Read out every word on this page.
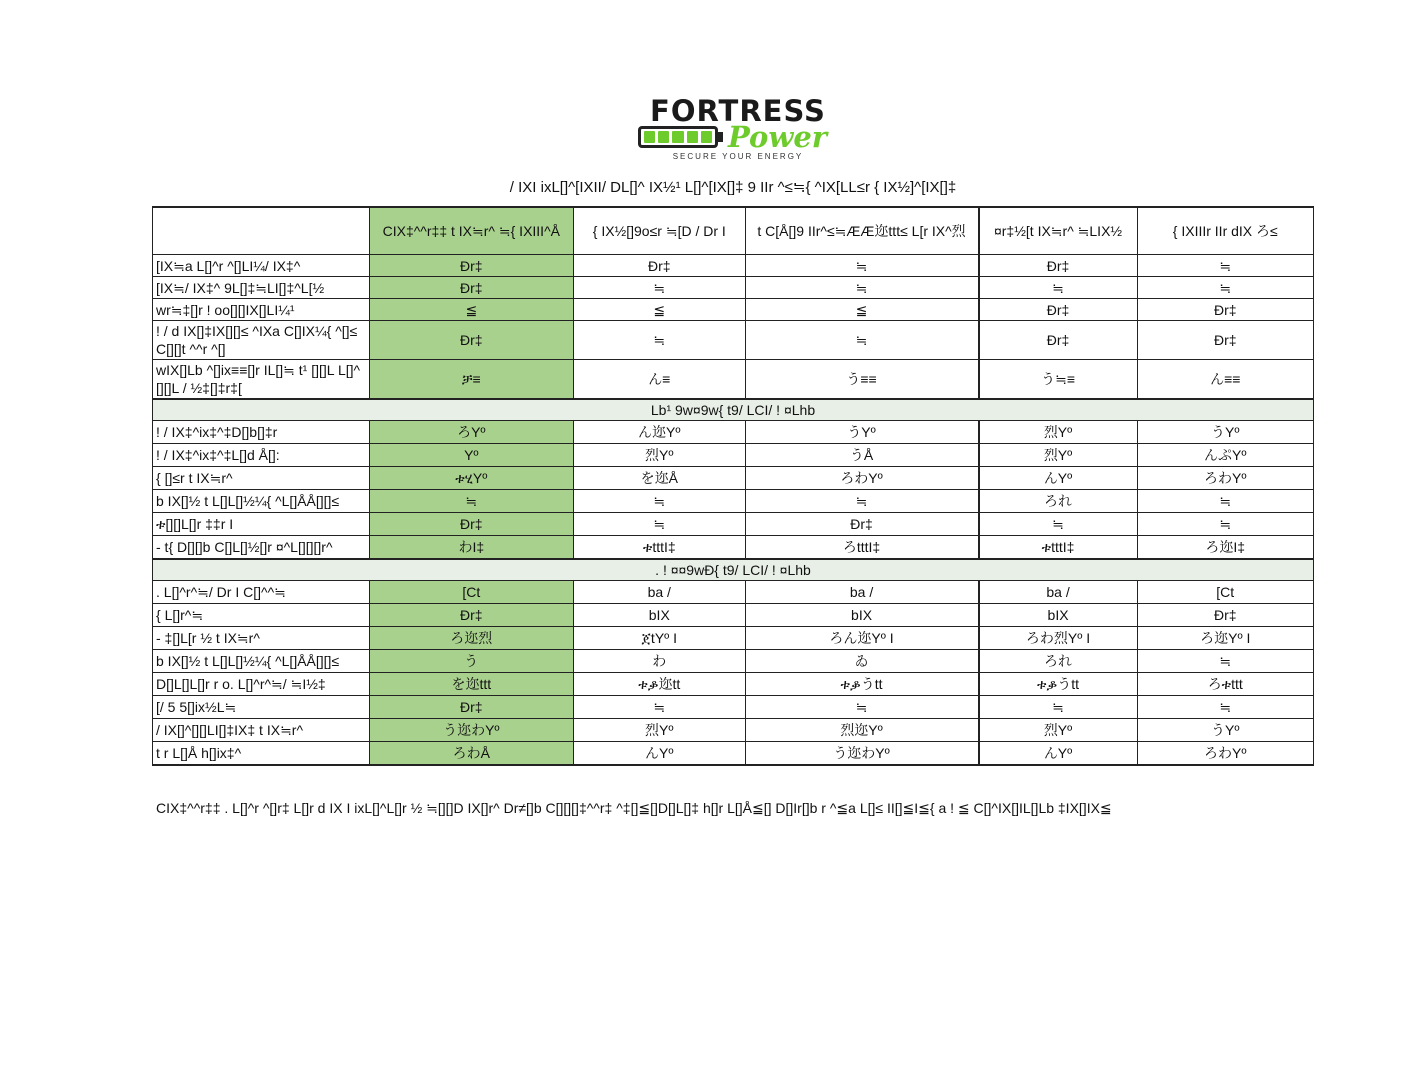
FORTRESS
Power
SECURE YOUR ENERGY
/ IXI ixL[]^[IXII/ DL[]^ IX½¹ L[]^[IX[]‡ 9 IIr ^≤≒{ ^IX[LL≤r { IX½]^[IX[]‡
	CIX‡^^r‡‡ t IX≒r^ ≒{ IXIII^Å	{ IX½[]9o≤r ≒[D / Dr I	t C[Å[]9 IIr^≤≒ÆÆ迩ttt≤ L[r IX^烈	¤r‡½[t IX≒r^ ≒LIX½	{ IXIIIr IIr dIX ろ≤
[IX≒a L[]^r ^[]LI¼/ IX‡^	Ðr‡	Ðr‡	≒	Ðr‡	≒
[IX≒/ IX‡^ 9L[]‡≒LI[]‡^L[½	Ðr‡	≒	≒	≒	≒
wr≒‡[]r ! oo[][]IX[]LI¼¹	≦	≦	≦	Ðr‡	Ðr‡
! / d IX[]‡IX[][]≤ ^IXa C[]IX¼{ ^[]≤ C[][]t ^^r ^[]	Ðr‡	≒	≒	Ðr‡	Ðr‡
wIX[]Lb ^[]ix≡≡[]r IL[]≒ t¹ [][]L L[]^ [][]L / ½‡[]‡r‡[	ቻ≡	ん≡	う≡≡	う≒≡	ん≡≡
Lb¹ 9w¤9w{ t9/ LCI/ ! ¤Lhb					
! / IX‡^ix‡^‡D[]b[]‡r	ろYº	ん迩Yº	うYº	烈Yº	うYº
! / IX‡^ix‡^‡L[]d Å[]:	Yº	烈Yº	うÅ	烈Yº	んぷYº
{ []≤r t IX≒r^	ቱሂYº	を迩Å	ろわYº	んYº	ろわYº
b IX[]½ t L[]L[]½¼{ ^L[]ÅÅ[][]≤	≒	≒	≒	ろれ	≒
ቱ[][]L[]r ‡‡r I	Ðr‡	≒	Ðr‡	≒	≒
- t{ D[][]b C[]L[]½[]r ¤^L[][][]r^	わI‡	ቱtttI‡	ろtttI‡	ቱtttI‡	ろ迩I‡
. ! ¤¤9wÐ{ t9/ LCI/ ! ¤Lhb					
. L[]^r^≒/ Dr I C[]^^≒	[Ct	ba /	ba /	ba /	[Ct
{ L[]r^≒	Ðr‡	bIX	bIX	bIX	Ðr‡
- ‡[]L[r ½ t IX≒r^	ろ迩烈	ጀtYº I	ろん迩Yº I	ろわ烈Yº I	ろ迩Yº I
b IX[]½ t L[]L[]½¼{ ^L[]ÅÅ[][]≤	う	わ	ゐ	ろれ	≒
D[]L[]L[]r r o. L[]^r^≒/ ≒I½‡	を迩ttt	ቱቇ迩tt	ቱቇうtt	ቱቇうtt	ろቱttt
[/ 5 5[]ix½L≒	Ðr‡	≒	≒	≒	≒
/ IX[]^[][]LI[]‡IX‡ t IX≒r^	う迩わYº	烈Yº	烈迩Yº	烈Yº	うYº
t r L[]Å h[]ix‡^	ろわÅ	んYº	う迩わYº	んYº	ろわYº
CIX‡^^r‡‡ . L[]^r ^[]r‡ L[]r d IX I ixL[]^L[]r ½ ≒[][]D IX[]r^ Dr≠[]b C[][][]‡^^r‡ ^‡[]≦[]D[]L[]‡ h[]r L[]Å≦[] D[]Ir[]b r ^≦a L[]≤ II[]≦I≦{ a ! ≦ C[]^IX[]IL[]Lb ‡IX[]IX≦
